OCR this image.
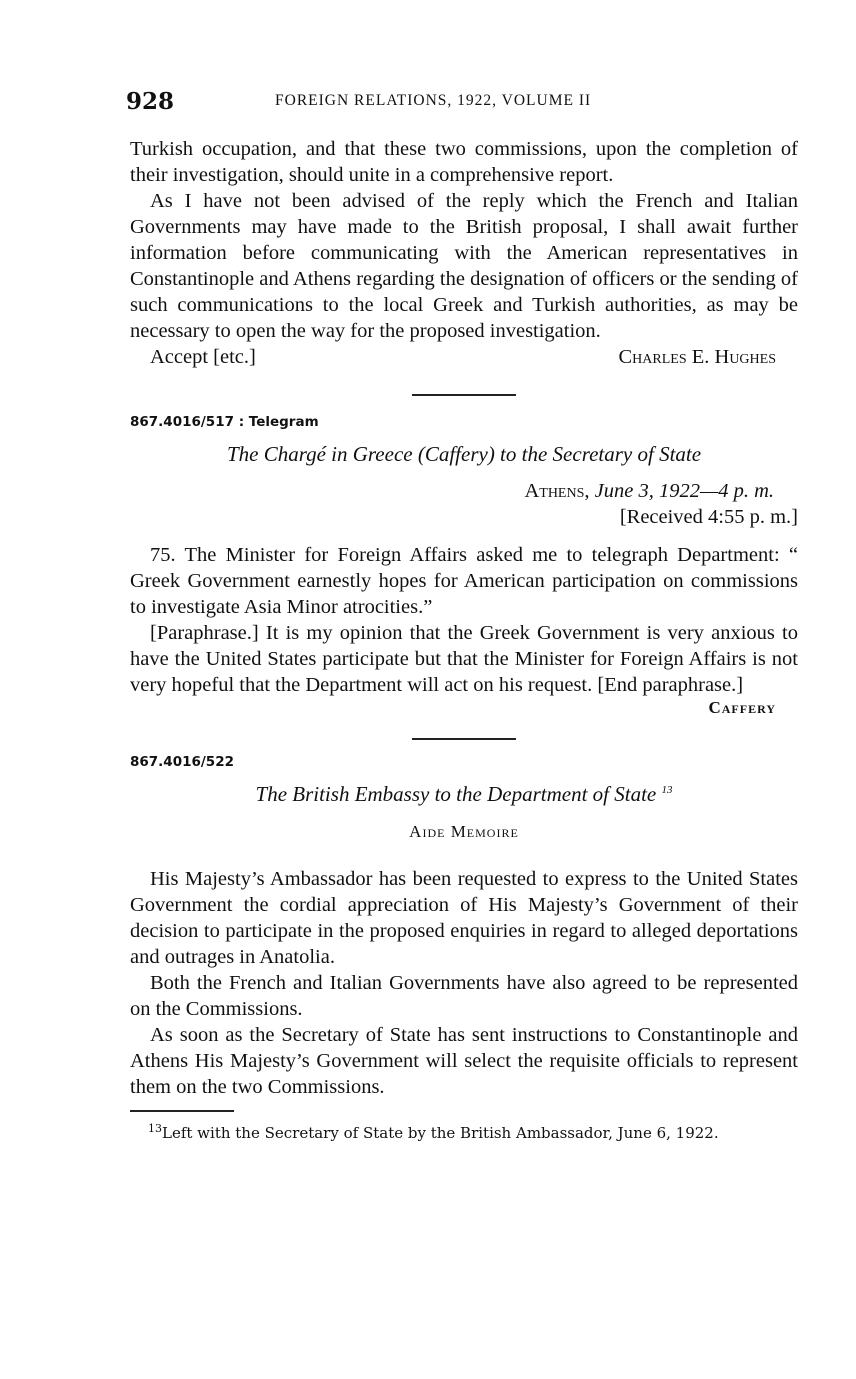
928	FOREIGN RELATIONS, 1922, VOLUME II

Turkish occupation, and that these two commissions, upon the completion of their investigation, should unite in a comprehensive report.

As I have not been advised of the reply which the French and Italian Governments may have made to the British proposal, I shall await further information before communicating with the American representatives in Constantinople and Athens regarding the designation of officers or the sending of such communications to the local Greek and Turkish authorities, as may be necessary to open the way for the proposed investigation.

Accept [etc.]	Charles E. Hughes
867.4016/517 : Telegram
The Chargé in Greece (Caffery) to the Secretary of State
Athens, June 3, 1922—4 p. m.
[Received 4:55 p. m.]

75. The Minister for Foreign Affairs asked me to telegraph Department: “ Greek Government earnestly hopes for American participation on commissions to investigate Asia Minor atrocities.”

[Paraphrase.] It is my opinion that the Greek Government is very anxious to have the United States participate but that the Minister for Foreign Affairs is not very hopeful that the Department will act on his request. [End paraphrase.]

Caffery
867.4016/522
The British Embassy to the Department of State $^{13}$
Aide Memoire

His Majesty’s Ambassador has been requested to express to the United States Government the cordial appreciation of His Majesty’s Government of their decision to participate in the proposed enquiries in regard to alleged deportations and outrages in Anatolia.

Both the French and Italian Governments have also agreed to be represented on the Commissions.

As soon as the Secretary of State has sent instructions to Constantinople and Athens His Majesty’s Government will select the requisite officials to represent them on the two Commissions.

$^{13}$Left with the Secretary of State by the British Ambassador, June 6, 1922.
